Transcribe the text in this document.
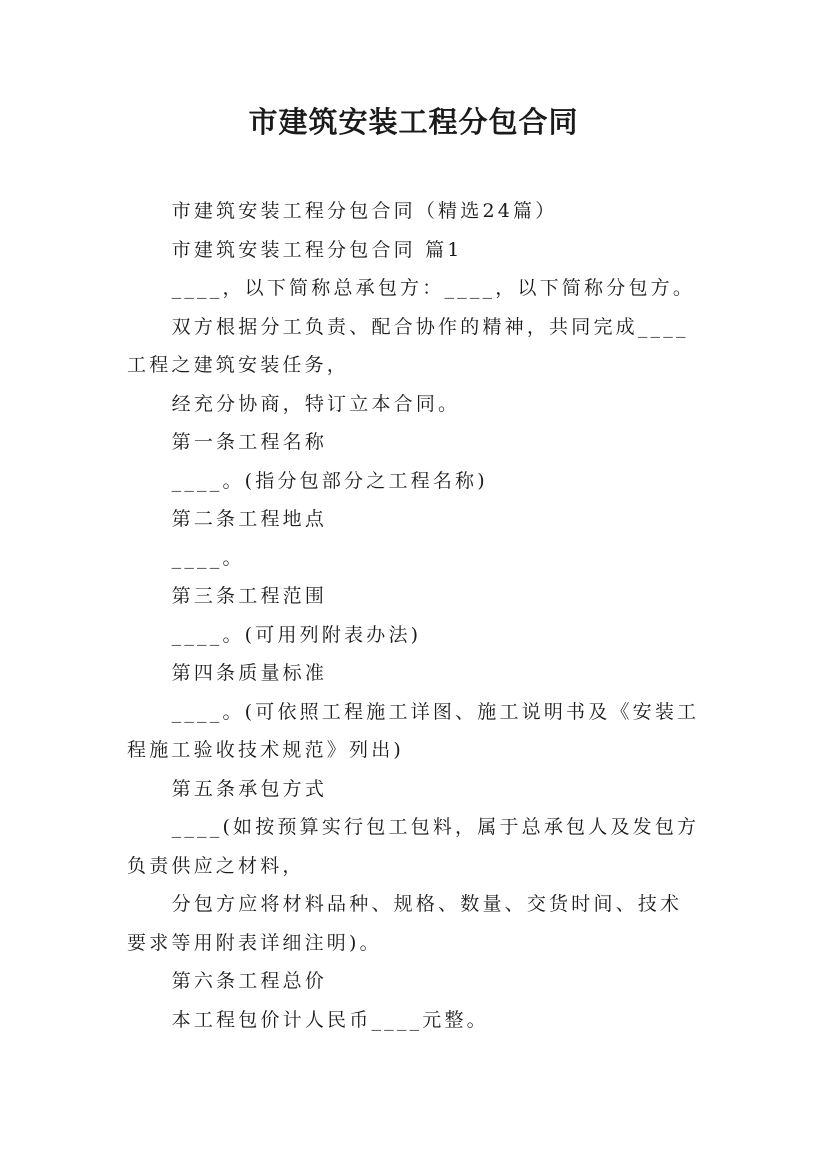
市建筑安装工程分包合同

市建筑安装工程分包合同（精选24篇）

市建筑安装工程分包合同 篇1

____，以下简称总承包方：____，以下简称分包方。

双方根据分工负责、配合协作的精神，共同完成____工程之建筑安装任务，

经充分协商，特订立本合同。

第一条工程名称

____。(指分包部分之工程名称)

第二条工程地点

____。

第三条工程范围

____。(可用列附表办法)

第四条质量标准

____。(可依照工程施工详图、施工说明书及《安装工程施工验收技术规范》列出)

第五条承包方式

____(如按预算实行包工包料，属于总承包人及发包方负责供应之材料，

分包方应将材料品种、规格、数量、交货时间、技术要求等用附表详细注明)。

第六条工程总价

本工程包价计人民币____元整。
